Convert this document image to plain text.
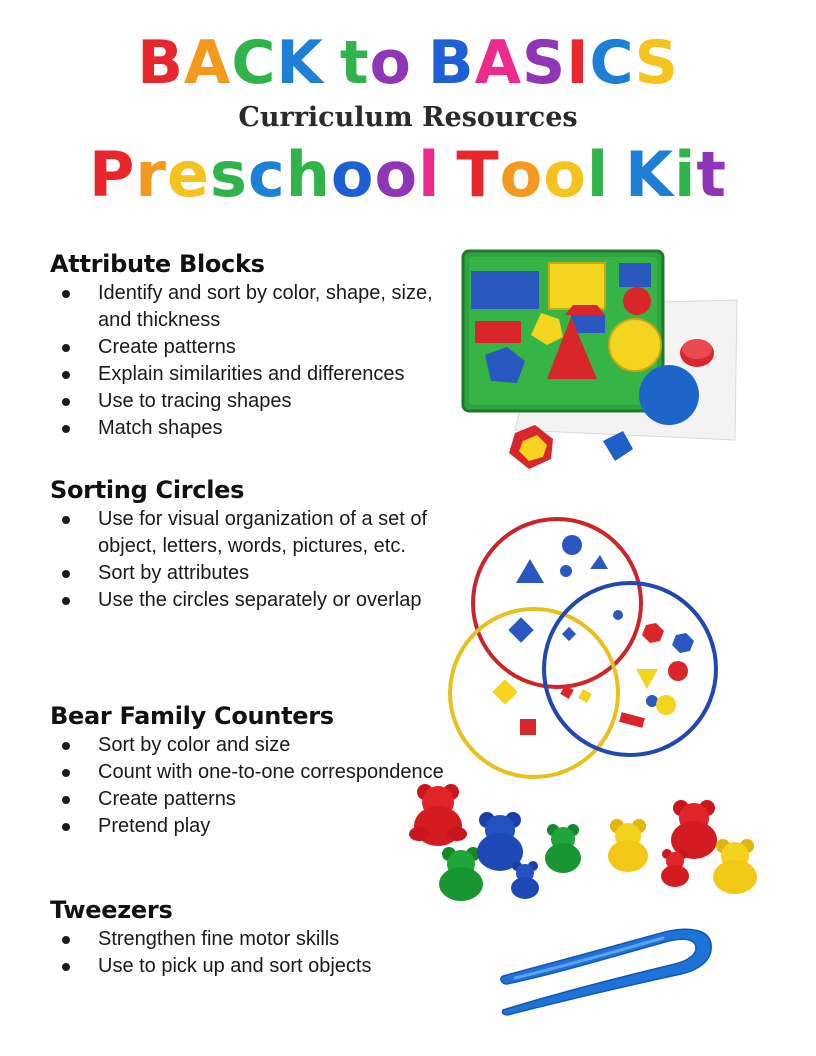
BACK to BASICS
Curriculum Resources
Preschool Tool Kit
Attribute Blocks
Identify and sort by color, shape, size, and thickness
Create patterns
Explain similarities and differences
Use to tracing shapes
Match shapes
Sorting Circles
Use for visual organization of a set of object, letters, words, pictures, etc.
Sort by attributes
Use the circles separately or overlap
Bear Family Counters
Sort by color and size
Count with one-to-one correspondence
Create patterns
Pretend play
Tweezers
Strengthen fine motor skills
Use to pick up and sort objects
